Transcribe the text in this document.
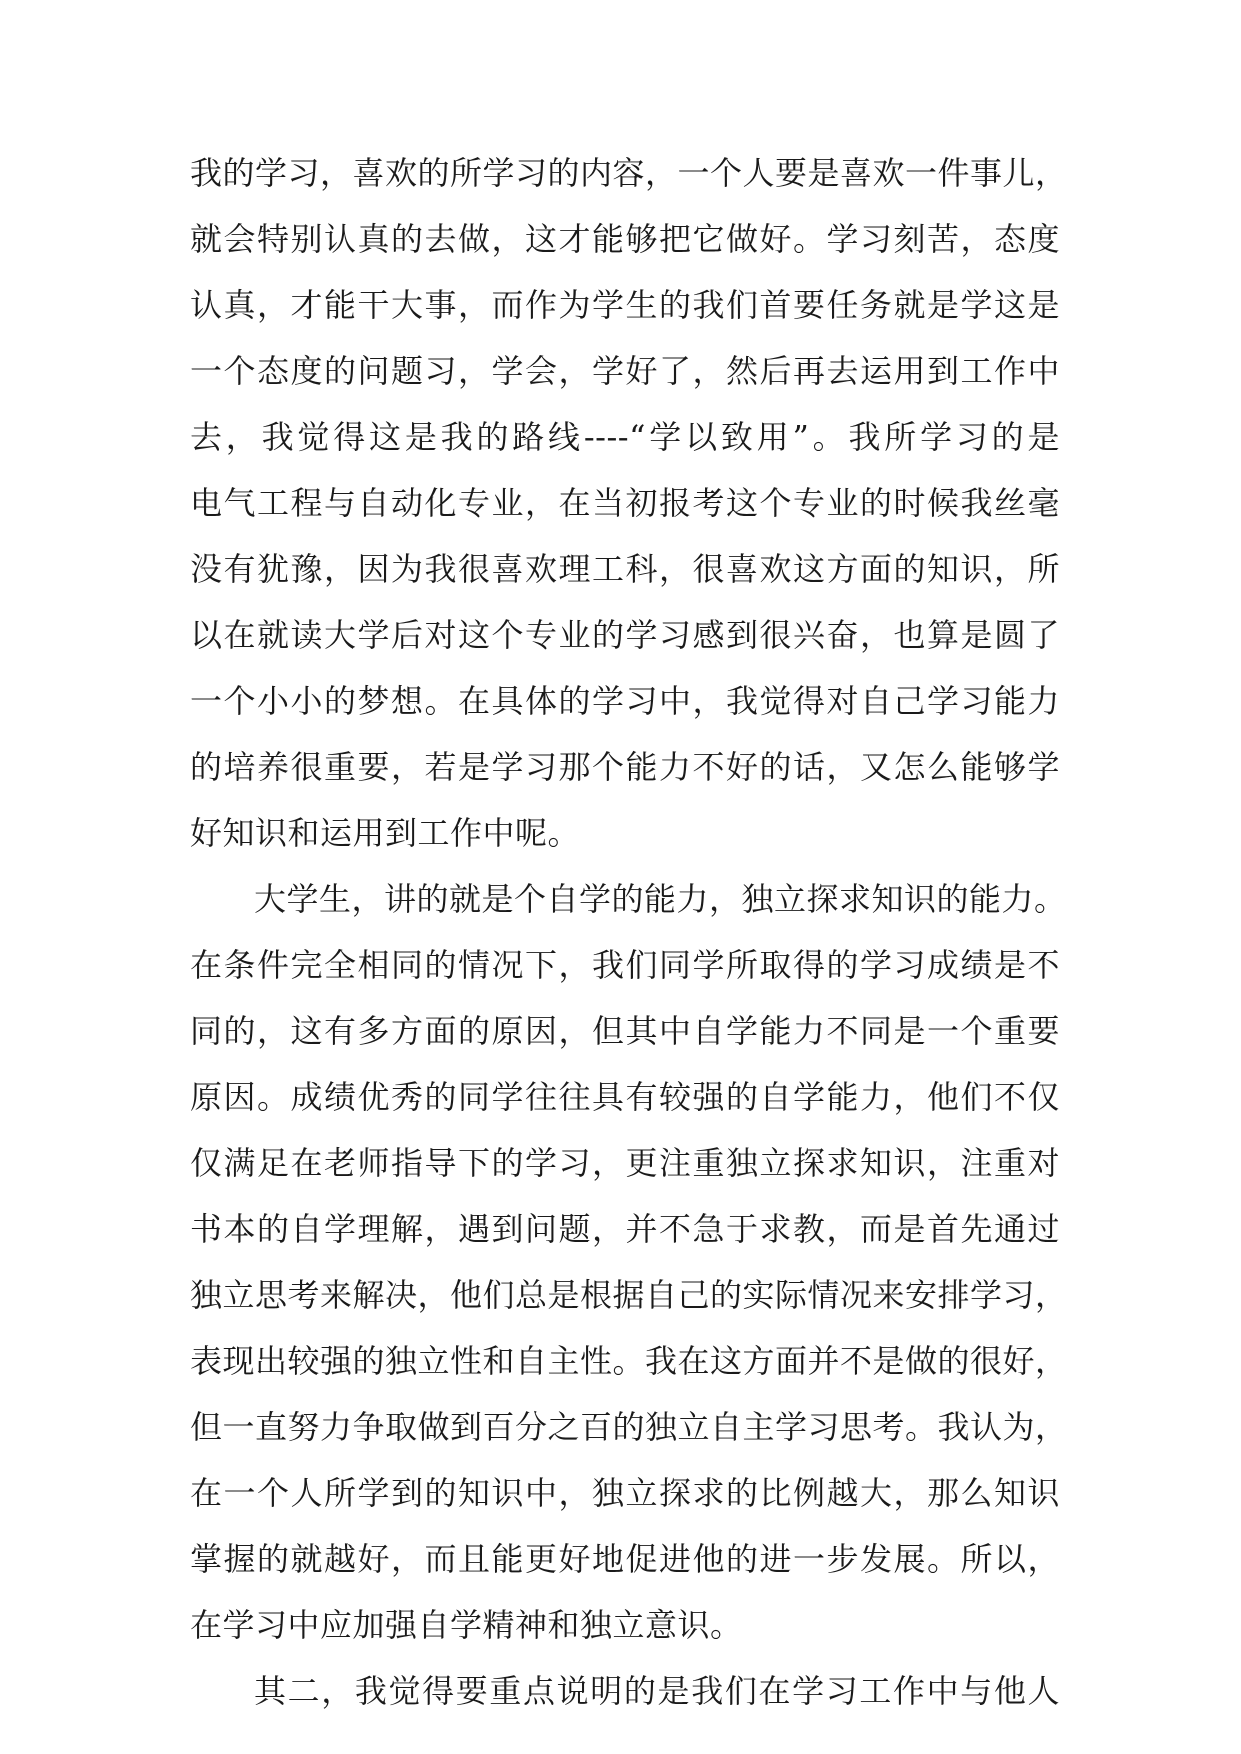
我的学习，喜欢的所学习的内容，一个人要是喜欢一件事儿，
就会特别认真的去做，这才能够把它做好。学习刻苦，态度
认真，才能干大事，而作为学生的我们首要任务就是学这是
一个态度的问题习，学会，学好了，然后再去运用到工作中
去，我觉得这是我的路线----“学以致用”。我所学习的是
电气工程与自动化专业，在当初报考这个专业的时候我丝毫
没有犹豫，因为我很喜欢理工科，很喜欢这方面的知识，所
以在就读大学后对这个专业的学习感到很兴奋，也算是圆了
一个小小的梦想。在具体的学习中，我觉得对自己学习能力
的培养很重要，若是学习那个能力不好的话，又怎么能够学
好知识和运用到工作中呢。
大学生，讲的就是个自学的能力，独立探求知识的能力。
在条件完全相同的情况下，我们同学所取得的学习成绩是不
同的，这有多方面的原因，但其中自学能力不同是一个重要
原因。成绩优秀的同学往往具有较强的自学能力，他们不仅
仅满足在老师指导下的学习，更注重独立探求知识，注重对
书本的自学理解，遇到问题，并不急于求教，而是首先通过
独立思考来解决，他们总是根据自己的实际情况来安排学习，
表现出较强的独立性和自主性。我在这方面并不是做的很好，
但一直努力争取做到百分之百的独立自主学习思考。我认为，
在一个人所学到的知识中，独立探求的比例越大，那么知识
掌握的就越好，而且能更好地促进他的进一步发展。所以，
在学习中应加强自学精神和独立意识。
其二，我觉得要重点说明的是我们在学习工作中与他人
